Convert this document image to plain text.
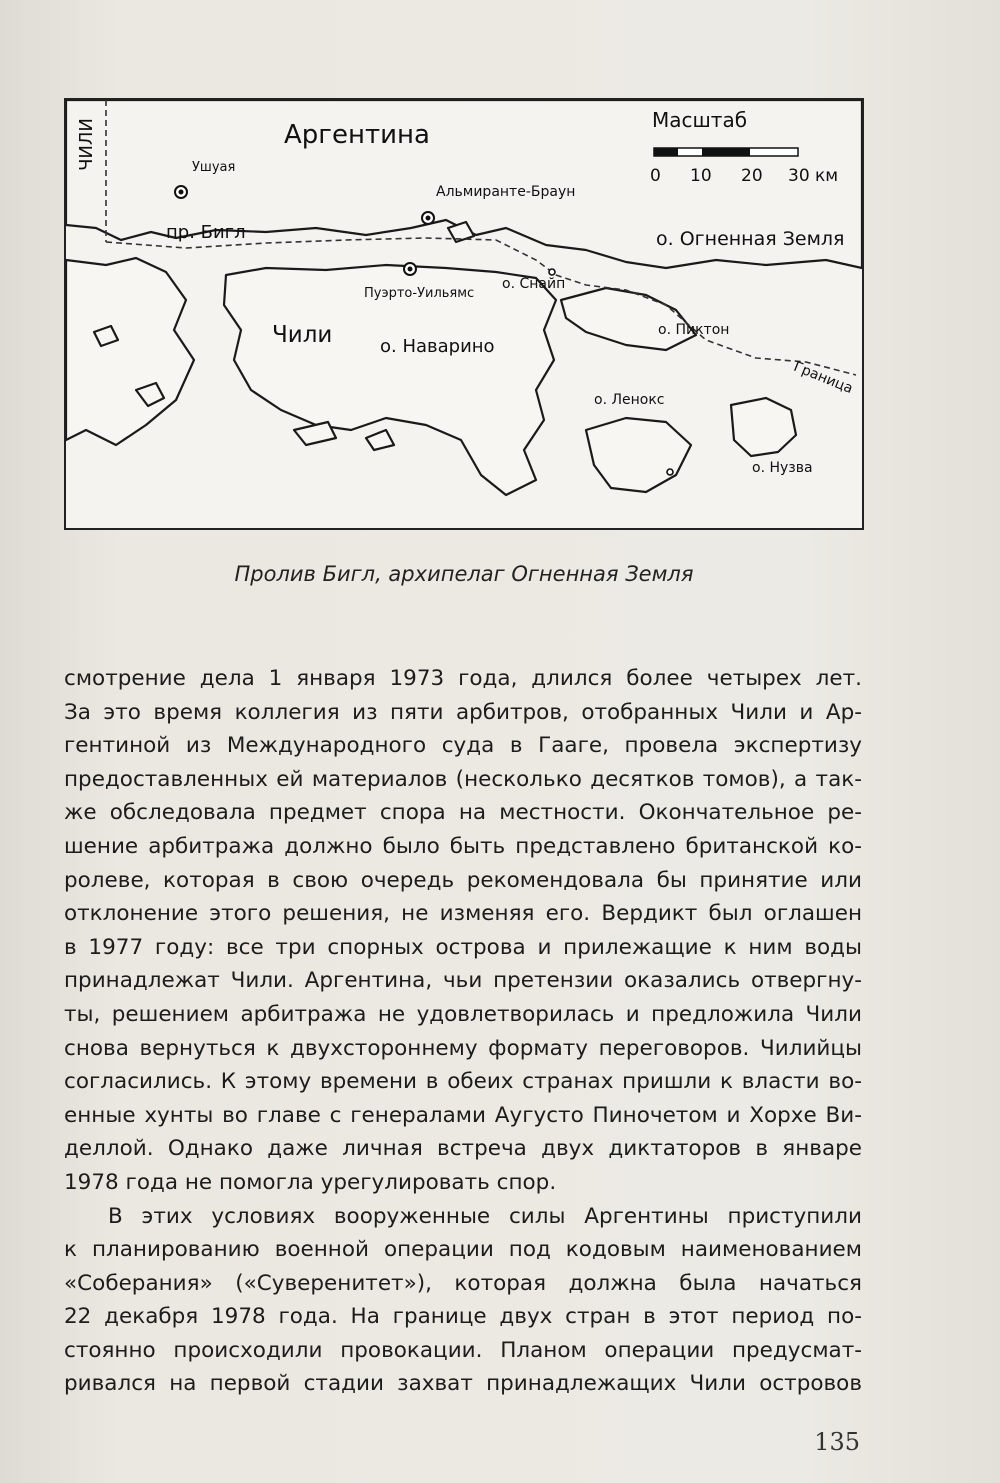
ЧИЛИ	Аргентина	Масштаб
0 10 20 30 км
Ушуая
Альмиранте-Браун
пр. Бигл	о. Огненная Земля
Пуэрто-Уильямс
о. Снайп
Чили	о. Наварино
о. Пиктон
Граница
о. Ленокс
о. Нузва
Пролив Бигл, архипелаг Огненная Земля
смотрение дела 1 января 1973 года, длился более четырех лет.
За это время коллегия из пяти арбитров, отобранных Чили и Ар-
гентиной из Международного суда в Гааге, провела экспертизу
предоставленных ей материалов (несколько десятков томов), а так-
же обследовала предмет спора на местности. Окончательное ре-
шение арбитража должно было быть представлено британской ко-
ролеве, которая в свою очередь рекомендовала бы принятие или
отклонение этого решения, не изменяя его. Вердикт был оглашен
в 1977 году: все три спорных острова и прилежащие к ним воды
принадлежат Чили. Аргентина, чьи претензии оказались отвергну-
ты, решением арбитража не удовлетворилась и предложила Чили
снова вернуться к двухстороннему формату переговоров. Чилийцы
согласились. К этому времени в обеих странах пришли к власти во-
енные хунты во главе с генералами Аугусто Пиночетом и Хорхе Ви-
деллой. Однако даже личная встреча двух диктаторов в январе
1978 года не помогла урегулировать спор.
В этих условиях вооруженные силы Аргентины приступили
к планированию военной операции под кодовым наименованием
«Соберания» («Суверенитет»), которая должна была начаться
22 декабря 1978 года. На границе двух стран в этот период по-
стоянно происходили провокации. Планом операции предусмат-
ривался на первой стадии захват принадлежащих Чили островов
135
